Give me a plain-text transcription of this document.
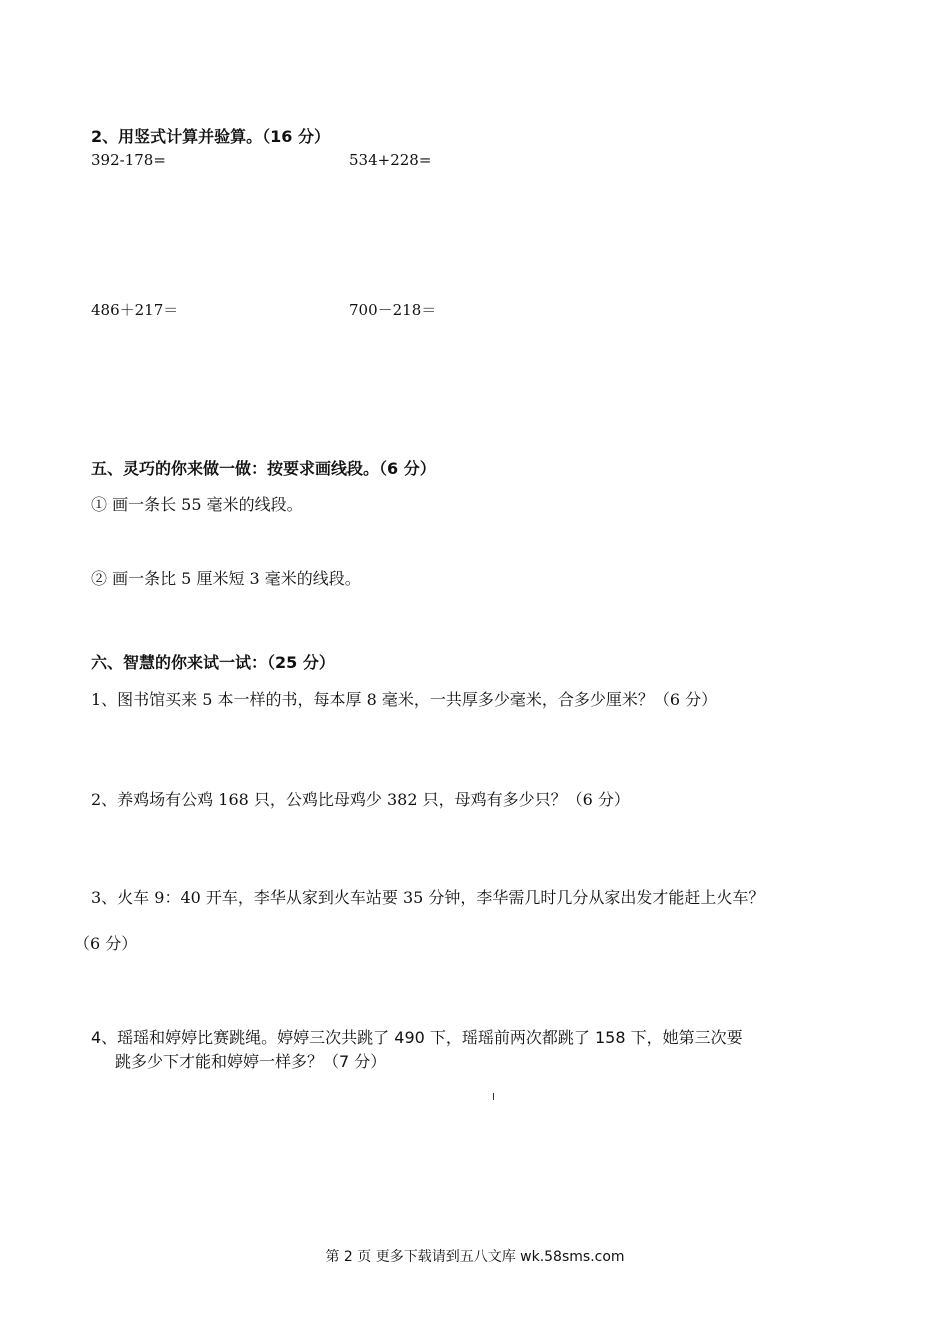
2、用竖式计算并验算。（16 分）
392-178=	534+228=
486＋217＝	700－218＝
五、灵巧的你来做一做：按要求画线段。（6 分）
① 画一条长 55 毫米的线段。
② 画一条比 5 厘米短 3 毫米的线段。
六、智慧的你来试一试：（25 分）
1、图书馆买来 5 本一样的书，每本厚 8 毫米，一共厚多少毫米，合多少厘米？（6 分）
2、养鸡场有公鸡 168 只，公鸡比母鸡少 382 只，母鸡有多少只？（6 分）
3、火车 9：40 开车，李华从家到火车站要 35 分钟，李华需几时几分从家出发才能赶上火车？
（6 分）
4、瑶瑶和婷婷比赛跳绳。婷婷三次共跳了 490 下，瑶瑶前两次都跳了 158 下，她第三次要
跳多少下才能和婷婷一样多？（7 分）
第 2 页 更多下载请到五八文库 wk.58sms.com
